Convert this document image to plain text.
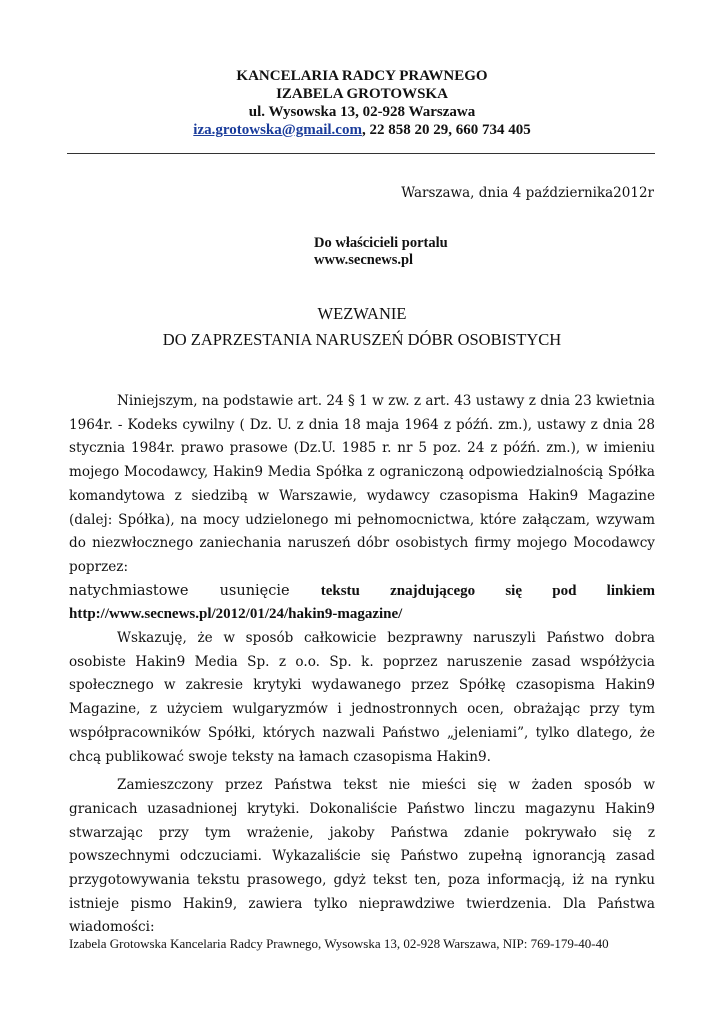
KANCELARIA RADCY PRAWNEGO
IZABELA GROTOWSKA
ul. Wysowska 13, 02-928 Warszawa
iza.grotowska@gmail.com, 22 858 20 29, 660 734 405
Warszawa, dnia 4 października2012r
Do właścicieli portalu
www.secnews.pl
WEZWANIE
DO ZAPRZESTANIA NARUSZEŃ DÓBR OSOBISTYCH

Niniejszym, na podstawie art. 24 § 1 w zw. z art. 43 ustawy z dnia 23 kwietnia 1964r. - Kodeks cywilny ( Dz. U. z dnia 18 maja 1964 z późń. zm.), ustawy z dnia 28 stycznia 1984r. prawo prasowe (Dz.U. 1985 r. nr 5 poz. 24 z późń. zm.), w imieniu mojego Mocodawcy, Hakin9 Media Spółka z ograniczoną odpowiedzialnością Spółka komandytowa z siedzibą w Warszawie, wydawcy czasopisma Hakin9 Magazine (dalej: Spółka), na mocy udzielonego mi pełnomocnictwa, które załączam, wzywam do niezwłocznego zaniechania naruszeń dóbr osobistych firmy mojego Mocodawcy poprzez:

natychmiastowe usunięcie tekstu znajdującego się pod linkiem

http://www.secnews.pl/2012/01/24/hakin9-magazine/

Wskazuję, że w sposób całkowicie bezprawny naruszyli Państwo dobra osobiste Hakin9 Media Sp. z o.o. Sp. k. poprzez naruszenie zasad współżycia społecznego w zakresie krytyki wydawanego przez Spółkę czasopisma Hakin9 Magazine, z użyciem wulgaryzmów i jednostronnych ocen, obrażając przy tym współpracowników Spółki, których nazwali Państwo „jeleniami”, tylko dlatego, że chcą publikować swoje teksty na łamach czasopisma Hakin9.

Zamieszczony przez Państwa tekst nie mieści się w żaden sposób w granicach uzasadnionej krytyki. Dokonaliście Państwo linczu magazynu Hakin9 stwarzając przy tym wrażenie, jakoby Państwa zdanie pokrywało się z powszechnymi odczuciami. Wykazaliście się Państwo zupełną ignorancją zasad przygotowywania tekstu prasowego, gdyż tekst ten, poza informacją, iż na rynku istnieje pismo Hakin9, zawiera tylko nieprawdziwe twierdzenia. Dla Państwa wiadomości:

Izabela Grotowska Kancelaria Radcy Prawnego, Wysowska 13, 02-928 Warszawa, NIP: 769-179-40-40
